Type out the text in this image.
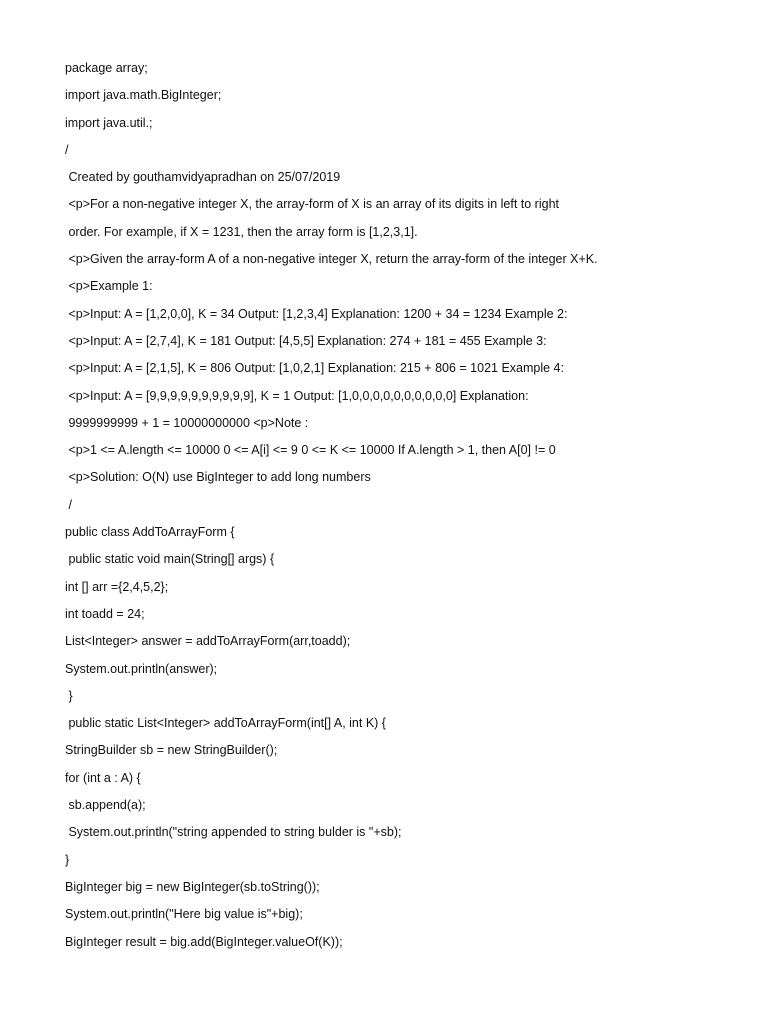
package array;
import java.math.BigInteger;
import java.util.;
/
Created by gouthamvidyapradhan on 25/07/2019
<p>For a non-negative integer X, the array-form of X is an array of its digits in left to right
order. For example, if X = 1231, then the array form is [1,2,3,1].
<p>Given the array-form A of a non-negative integer X, return the array-form of the integer X+K.
<p>Example 1:
<p>Input: A = [1,2,0,0], K = 34 Output: [1,2,3,4] Explanation: 1200 + 34 = 1234 Example 2:
<p>Input: A = [2,7,4], K = 181 Output: [4,5,5] Explanation: 274 + 181 = 455 Example 3:
<p>Input: A = [2,1,5], K = 806 Output: [1,0,2,1] Explanation: 215 + 806 = 1021 Example 4:
<p>Input: A = [9,9,9,9,9,9,9,9,9,9], K = 1 Output: [1,0,0,0,0,0,0,0,0,0,0] Explanation:
9999999999 + 1 = 10000000000 <p>Note :
<p>1 <= A.length <= 10000 0 <= A[i] <= 9 0 <= K <= 10000 If A.length > 1, then A[0] != 0
<p>Solution: O(N) use BigInteger to add long numbers
/
public class AddToArrayForm {
public static void main(String[] args) {
int [] arr ={2,4,5,2};
int toadd = 24;
List<Integer> answer = addToArrayForm(arr,toadd);
System.out.println(answer);
}
public static List<Integer> addToArrayForm(int[] A, int K) {
StringBuilder sb = new StringBuilder();
for (int a : A) {
sb.append(a);
System.out.println("string appended to string bulder is "+sb);
}
BigInteger big = new BigInteger(sb.toString());
System.out.println("Here big value is"+big);
BigInteger result = big.add(BigInteger.valueOf(K));
